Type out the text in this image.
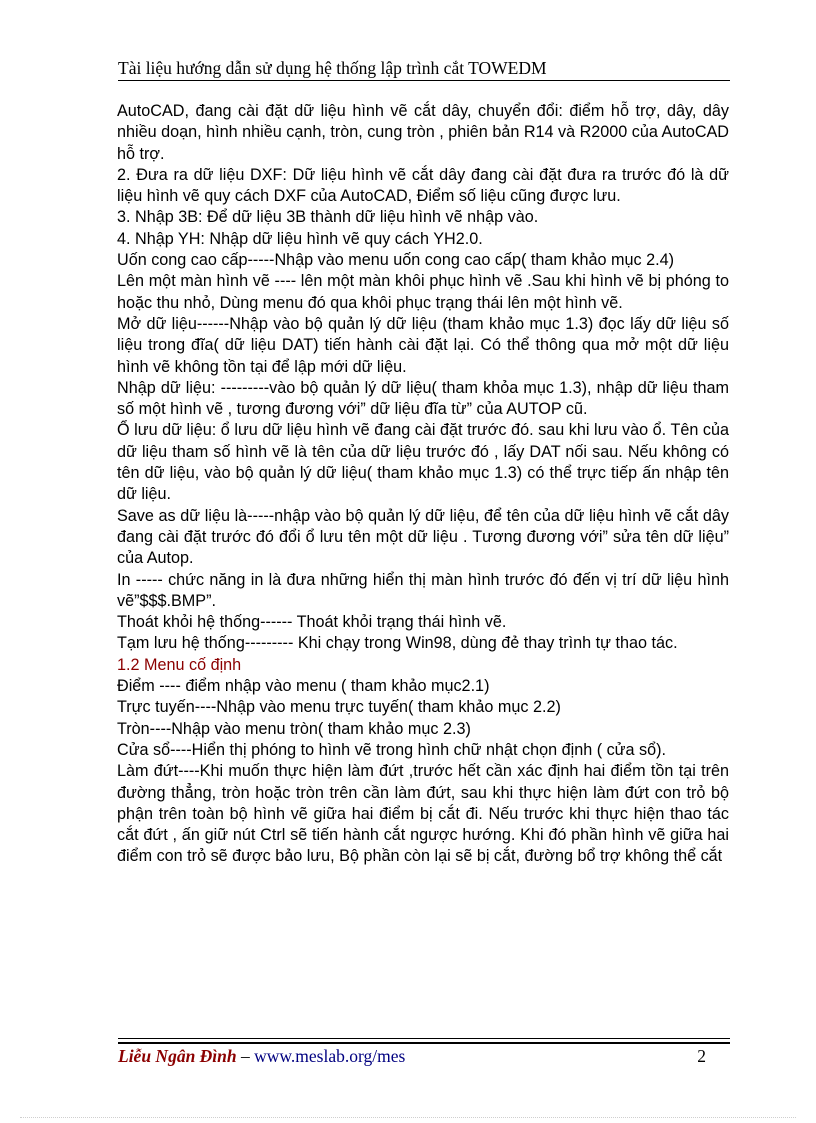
Tài liệu hướng dẫn sử dụng hệ thống lập trình cắt TOWEDM

AutoCAD, đang cài đặt dữ liệu hình vẽ cắt dây, chuyển đổi: điểm hỗ trợ, dây, dây nhiều doạn, hình nhiều cạnh, tròn, cung tròn , phiên bản R14 và R2000 của AutoCAD hỗ trợ.

2. Đưa ra dữ liệu DXF: Dữ liệu hình vẽ cắt dây đang cài đặt đưa ra trước đó là dữ liệu hình vẽ quy cách DXF của AutoCAD, Điểm số liệu cũng được lưu.

3. Nhập 3B: Để dữ liệu 3B thành dữ liệu hình vẽ nhập vào.

4. Nhập YH: Nhập dữ liệu hình vẽ quy cách YH2.0.

Uốn cong cao cấp-----Nhập vào menu uốn cong cao cấp( tham khảo mục 2.4)

Lên một màn hình vẽ ---- lên một màn khôi phục hình vẽ .Sau khi hình vẽ bị phóng to hoặc thu nhỏ, Dùng menu đó qua khôi phục trạng thái lên một hình vẽ.

Mở dữ liệu------Nhập vào bộ quản lý dữ liệu (tham khảo mục 1.3) đọc lấy dữ liệu số liệu trong đĩa( dữ liệu DAT) tiến hành cài đặt lại. Có thể thông qua mở một dữ liệu hình vẽ không tồn tại để lập mới dữ liệu.

Nhập dữ liệu: ---------vào bộ quản lý dữ liệu( tham khỏa mục 1.3), nhập dữ liệu tham số một hình vẽ , tương đương với” dữ liệu đĩa từ” của AUTOP cũ.

Ổ lưu dữ liệu: ổ lưu dữ liệu hình vẽ đang cài đặt trước đó. sau khi lưu vào ổ. Tên của dữ liệu tham số hình vẽ là tên của dữ liệu trước đó , lấy DAT nối sau. Nếu không có tên dữ liệu, vào bộ quản lý dữ liệu( tham khảo mục 1.3) có thể trực tiếp ấn nhập tên dữ liệu.

Save as dữ liệu là-----nhập vào bộ quản lý dữ liệu, để tên của dữ liệu hình vẽ cắt dây đang cài đặt trước đó đổi ổ lưu tên một dữ liệu . Tương đương với” sửa tên dữ liệu” của Autop.

In ----- chức năng in là đưa những hiển thị màn hình trước đó đến vị trí dữ liệu hình vẽ”$$$.BMP”.

Thoát khỏi hệ thống------ Thoát khỏi trạng thái hình vẽ.

Tạm lưu hệ thống--------- Khi chạy trong Win98, dùng đẻ thay trình tự thao tác.

1.2 Menu cố định

Điểm ---- điểm nhập vào menu ( tham khảo mục2.1)

Trực tuyến----Nhập vào menu trực tuyến( tham khảo mục 2.2)

Tròn----Nhập vào menu tròn( tham khảo mục 2.3)

Cửa sổ----Hiển thị phóng to hình vẽ trong hình chữ nhật chọn định ( cửa sổ).

Làm đứt----Khi muốn thực hiện làm đứt ,trước hết cần xác định hai điểm tồn tại trên đường thẳng, tròn hoặc tròn trên cần làm đứt, sau khi thực hiện làm đứt con trỏ bộ phận trên toàn bộ hình vẽ giữa hai điểm bị cắt đi. Nếu trước khi thực hiện thao tác cắt đứt , ấn giữ nút Ctrl sẽ tiến hành cắt ngược hướng. Khi đó phần hình vẽ giữa hai điểm con trỏ sẽ được bảo lưu, Bộ phần còn lại sẽ bị cắt, đường bổ trợ không thể cắt

Liễu Ngân Đình – www.meslab.org/mes	2
